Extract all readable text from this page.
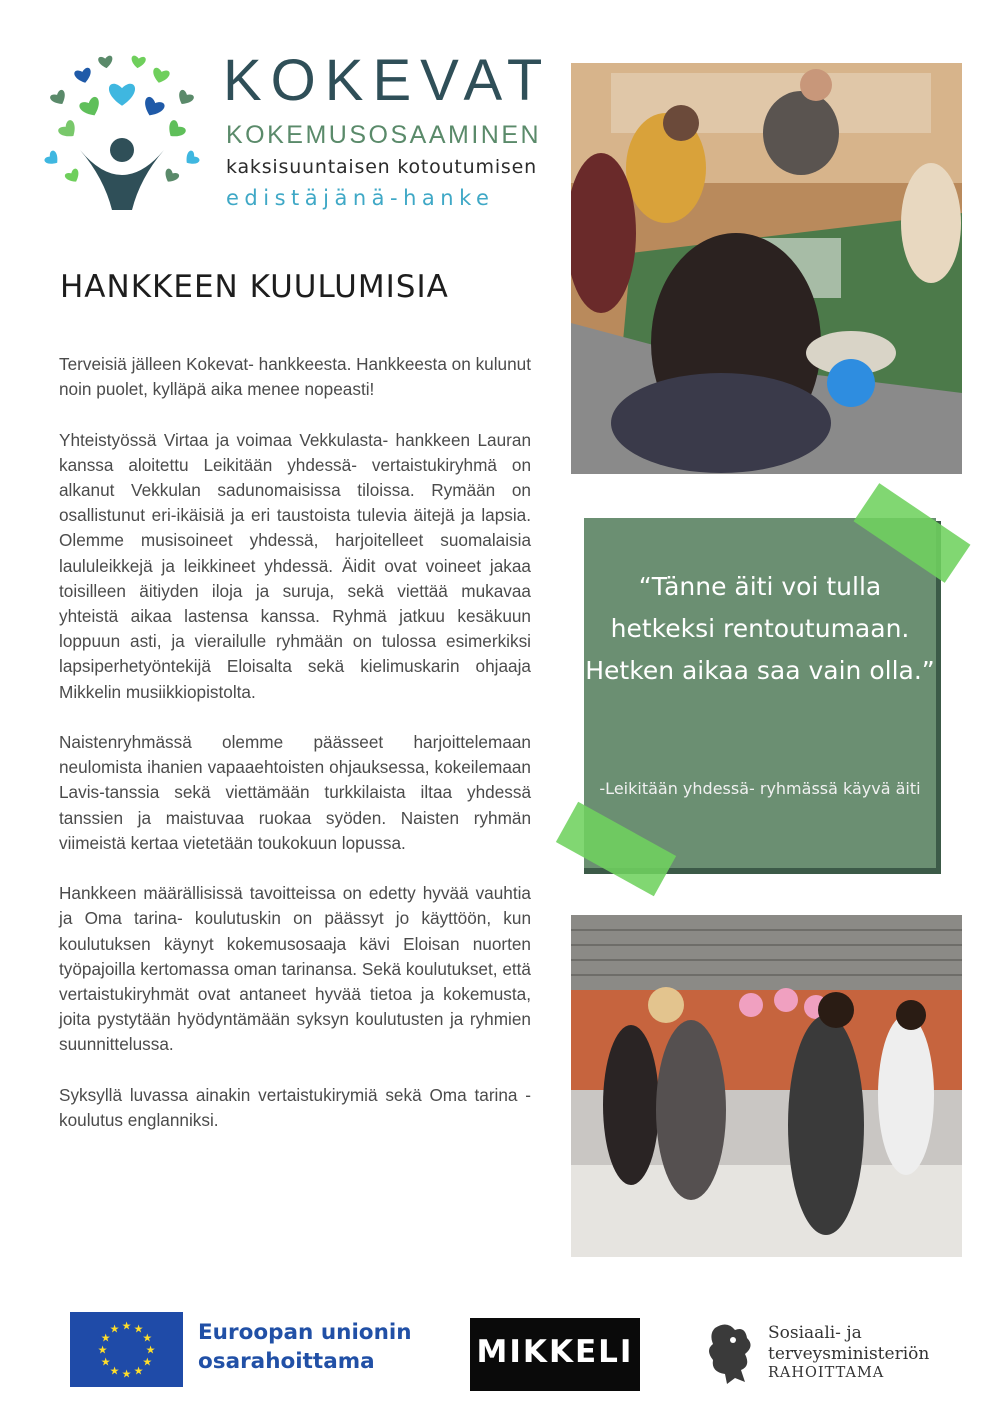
KOKEVAT
KOKEMUSOSAAMINEN
kaksisuuntaisen kotoutumisen
edistäjänä-hanke
HANKKEEN KUULUMISIA

Terveisiä jälleen Kokevat- hankkeesta. Hankkeesta on kulunut noin puolet, kylläpä aika menee nopeasti!

Yhteistyössä Virtaa ja voimaa Vekkulasta- hankkeen Lauran kanssa aloitettu Leikitään yhdessä- vertaistukiryhmä on alkanut Vekkulan sadunomaisissa tiloissa. Rymään on osallistunut eri-ikäisiä ja eri taustoista tulevia äitejä ja lapsia. Olemme musisoineet yhdessä, harjoitelleet suomalaisia laululeikkejä ja leikkineet yhdessä. Äidit ovat voineet jakaa toisilleen äitiyden iloja ja suruja, sekä viettää mukavaa yhteistä aikaa lastensa kanssa. Ryhmä jatkuu kesäkuun loppuun asti, ja vierailulle ryhmään on tulossa esimerkiksi lapsiperhetyöntekijä Eloisalta sekä kielimuskarin ohjaaja Mikkelin musiikkiopistolta.

Naistenryhmässä olemme päässeet harjoittelemaan neulomista ihanien vapaaehtoisten ohjauksessa, kokeilemaan Lavis-tanssia sekä viettämään turkkilaista iltaa yhdessä tanssien ja maistuvaa ruokaa syöden. Naisten ryhmän viimeistä kertaa vietetään toukokuun lopussa.

Hankkeen määrällisissä tavoitteissa on edetty hyvää vauhtia ja Oma tarina- koulutuskin on päässyt jo käyttöön, kun koulutuksen käynyt kokemusosaaja kävi Eloisan nuorten työpajoilla kertomassa oman tarinansa. Sekä koulutukset, että vertaistukiryhmät ovat antaneet hyvää tietoa ja kokemusta, joita pystytään hyödyntämään syksyn koulutusten ja ryhmien suunnittelussa.

Syksyllä luvassa ainakin vertaistukirymiä sekä Oma tarina - koulutus englanniksi.

“Tänne äiti voi tulla hetkeksi rentoutumaan. Hetken aikaa saa vain olla.”
-Leikitään yhdessä- ryhmässä käyvä äiti
★
★
★
★
★
★
★
★
★ ★ ★
★ Euroopan unionin
osarahoittama	MIKKELI
Sosiaali- ja
terveysministeriön
RAHOITTAMA
